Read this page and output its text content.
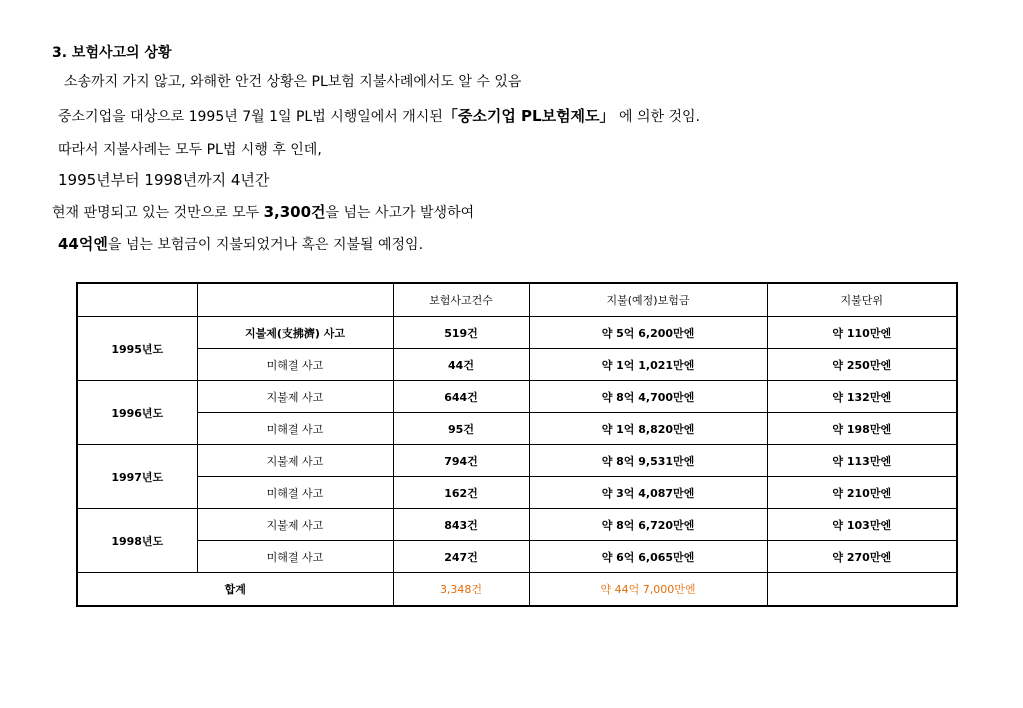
3. 보험사고의 상황
소송까지 가지 않고, 와해한 안건 상황은 PL보험 지불사례에서도 알 수 있음
중소기업을 대상으로 1995년 7월 1일 PL법 시행일에서 개시된「중소기업 PL보험제도」 에 의한 것임.
따라서 지불사례는 모두 PL법 시행 후 인데,
1995년부터 1998년까지 4년간
현재 판명되고 있는 것만으로 모두 3,300건을 넘는 사고가 발생하여
44억엔을 넘는 보험금이 지불되었거나 혹은 지불될 예정임.
		보험사고건수	지불(예정)보험금	지불단위
1995년도	지불제(支拂濟) 사고	519건	약 5억 6,200만엔	약 110만엔
	미해결 사고	44건	약 1억 1,021만엔	약 250만엔
1996년도	지불제 사고	644건	약 8억 4,700만엔	약 132만엔
	미해결 사고	95건	약 1억 8,820만엔	약 198만엔
1997년도	지불제 사고	794건	약 8억 9,531만엔	약 113만엔
	미해결 사고	162건	약 3억 4,087만엔	약 210만엔
1998년도	지불제 사고	843건	약 8억 6,720만엔	약 103만엔
	미해결 사고	247건	약 6억 6,065만엔	약 270만엔
합계		3,348건	약 44억 7,000만엔	
